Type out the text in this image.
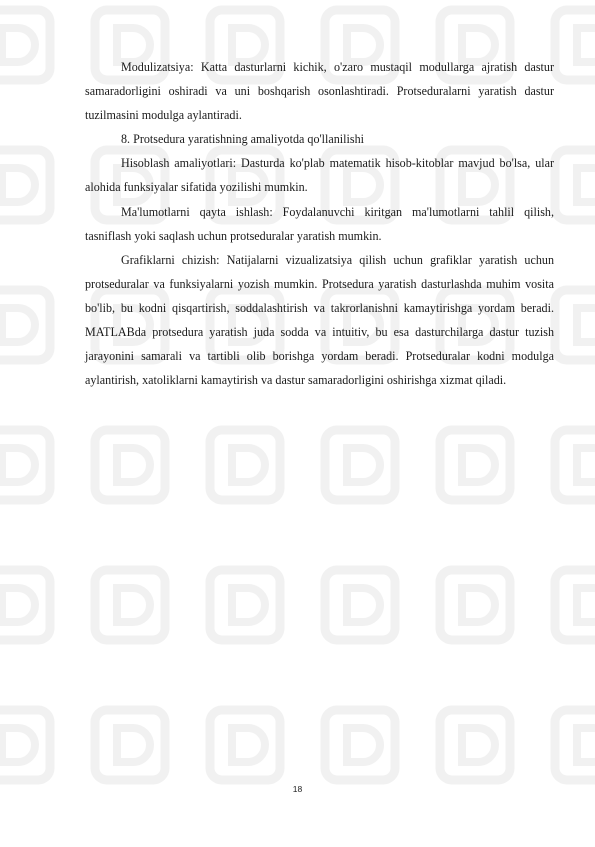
Modulizatsiya: Katta dasturlarni kichik, o'zaro mustaqil modullarga ajratish dastur samaradorligini oshiradi va uni boshqarish osonlashtiradi. Protseduralarni yaratish dastur tuzilmasini modulga aylantiradi.

8. Protsedura yaratishning amaliyotda qo'llanilishi

Hisoblash amaliyotlari: Dasturda ko'plab matematik hisob-kitoblar mavjud bo'lsa, ular alohida funksiyalar sifatida yozilishi mumkin.

Ma'lumotlarni qayta ishlash: Foydalanuvchi kiritgan ma'lumotlarni tahlil qilish, tasniflash yoki saqlash uchun protseduralar yaratish mumkin.

Grafiklarni chizish: Natijalarni vizualizatsiya qilish uchun grafiklar yaratish uchun protseduralar va funksiyalarni yozish mumkin. Protsedura yaratish dasturlashda muhim vosita bo'lib, bu kodni qisqartirish, soddalashtirish va takrorlanishni kamaytirishga yordam beradi. MATLABda protsedura yaratish juda sodda va intuitiv, bu esa dasturchilarga dastur tuzish jarayonini samarali va tartibli olib borishga yordam beradi. Protseduralar kodni modulga aylantirish, xatoliklarni kamaytirish va dastur samaradorligini oshirishga xizmat qiladi.

18
